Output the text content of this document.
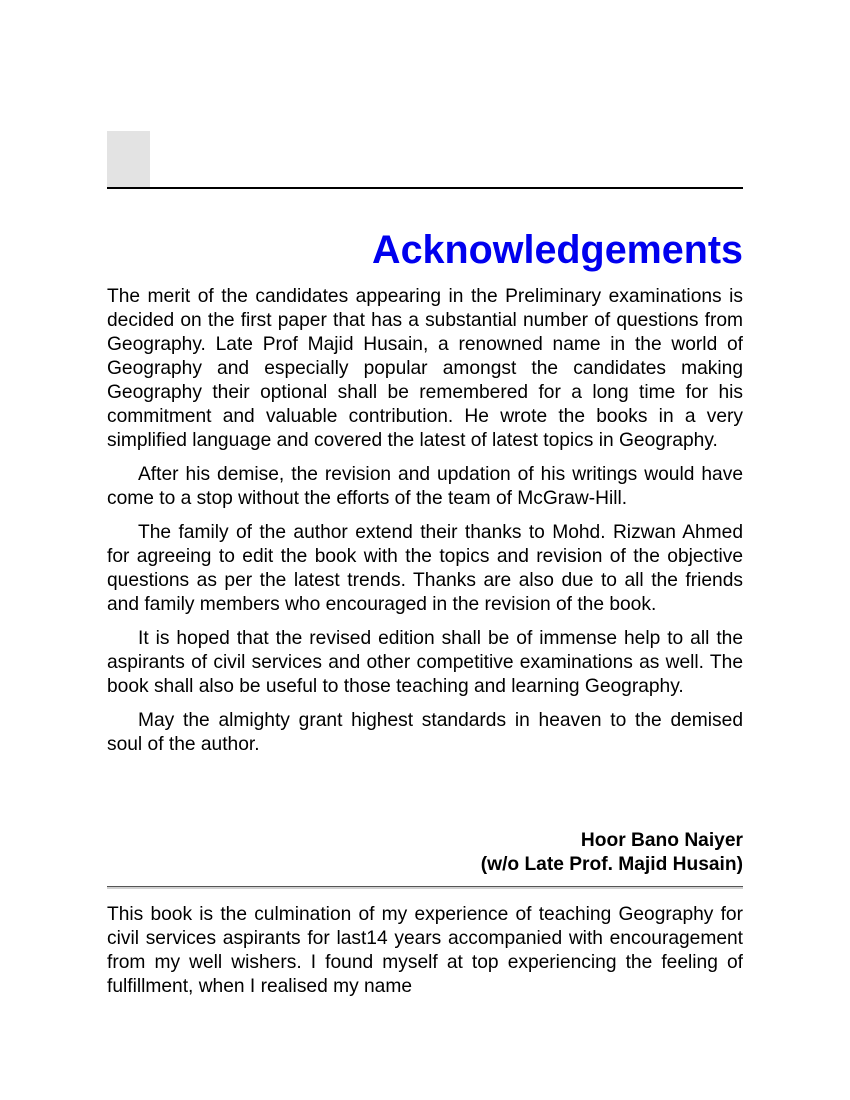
Acknowledgements

The merit of the candidates appearing in the Preliminary examinations is decided on the first paper that has a substantial number of questions from Geography. Late Prof Majid Husain, a renowned name in the world of Geography and especially popular amongst the candidates making Geography their optional shall be remembered for a long time for his commitment and valuable contribution. He wrote the books in a very simplified language and covered the latest of latest topics in Geography.

After his demise, the revision and updation of his writings would have come to a stop without the efforts of the team of McGraw-Hill.

The family of the author extend their thanks to Mohd. Rizwan Ahmed for agreeing to edit the book with the topics and revision of the objective questions as per the latest trends. Thanks are also due to all the friends and family members who encouraged in the revision of the book.

It is hoped that the revised edition shall be of immense help to all the aspirants of civil services and other competitive examinations as well. The book shall also be useful to those teaching and learning Geography.

May the almighty grant highest standards in heaven to the demised soul of the author.

Hoor Bano Naiyer
(w/o Late Prof. Majid Husain)

This book is the culmination of my experience of teaching Geography for civil services aspirants for last14 years accompanied with encouragement from my well wishers. I found myself at top experiencing the feeling of fulfillment, when I realised my name
